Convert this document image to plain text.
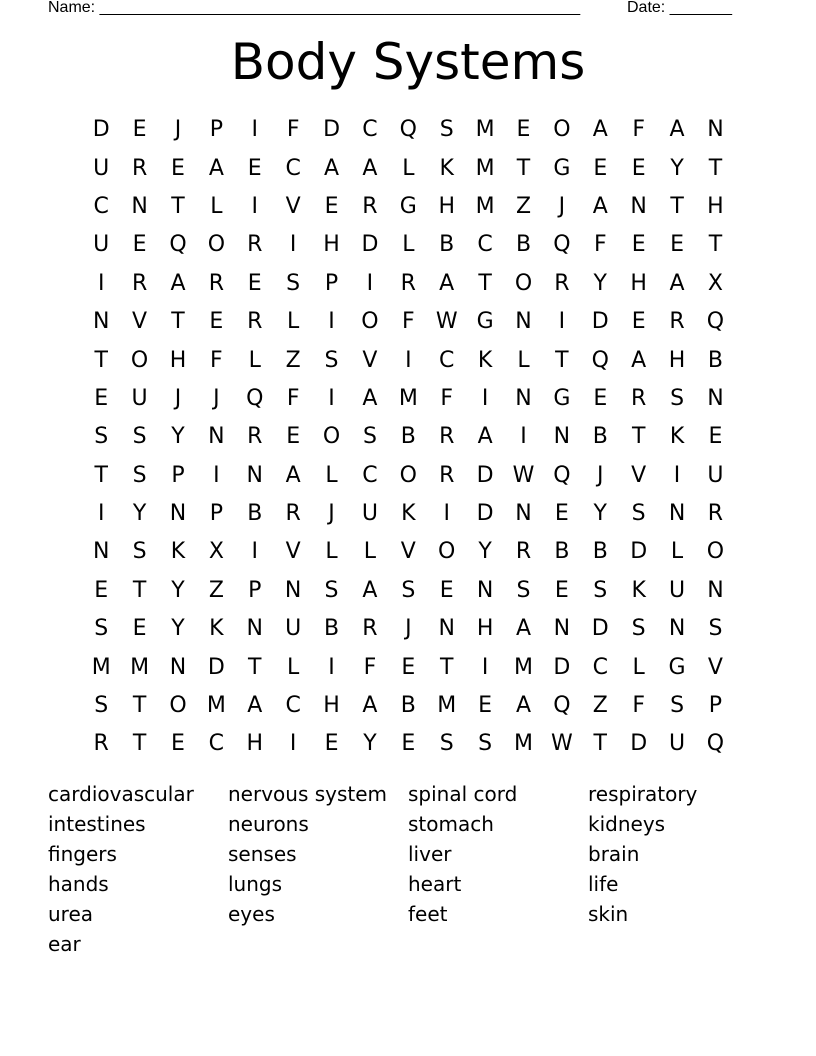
Name: ______________________________________________________	Date: _______
Body Systems
D	E	J	P	I	F	D	C	Q	S M E	O	A	F	A	N
U	R	E	A	E	C	A	A	L	K M	T	G	E	E	Y	T
C	N	T	L	I	V	E	R	G H M Z	J	A	N	T	H
U	E	Q O	R	I	H D	L	B	C	B	Q	F	E	E	T
I	R	A	R	E	S	P	I	R	A	T	O	R	Y	H	A	X
N	V	T	E	R	L	I	O	F W G N	I	D	E	R	Q
T	O H	F	L	Z	S	V	I	C	K	L	T	Q	A	H	B
E	U	J	J	Q	F	I	A M	F	I	N G	E	R	S	N
S	S	Y	N	R	E	O	S	B	R	A	I	N	B	T	K	E
T	S	P	I	N	A	L	C	O	R	D W Q	J	V	I	U
I	Y	N	P	B	R	J	U	K	I	D N	E	Y	S	N	R
N	S	K	X	I	V	L	L	V	O	Y	R	B	B	D	L	O
E	T	Y	Z	P	N	S	A	S	E	N	S	E	S	K	U	N
S	E	Y	K	N	U	B	R	J	N H	A	N D	S	N	S
M M N D	T	L	I	F	E	T	I	M D	C	L	G	V
S	T	O M A	C	H	A	B M E	A	Q	Z	F	S	P
R	T	E	C	H	I	E	Y	E	S	S M W T	D U Q
cardiovascular	nervous system	spinal cord	respiratory
intestines	neurons	stomach	kidneys
fingers	senses	liver	brain
hands	lungs	heart	life
urea	eyes	feet	skin
ear
